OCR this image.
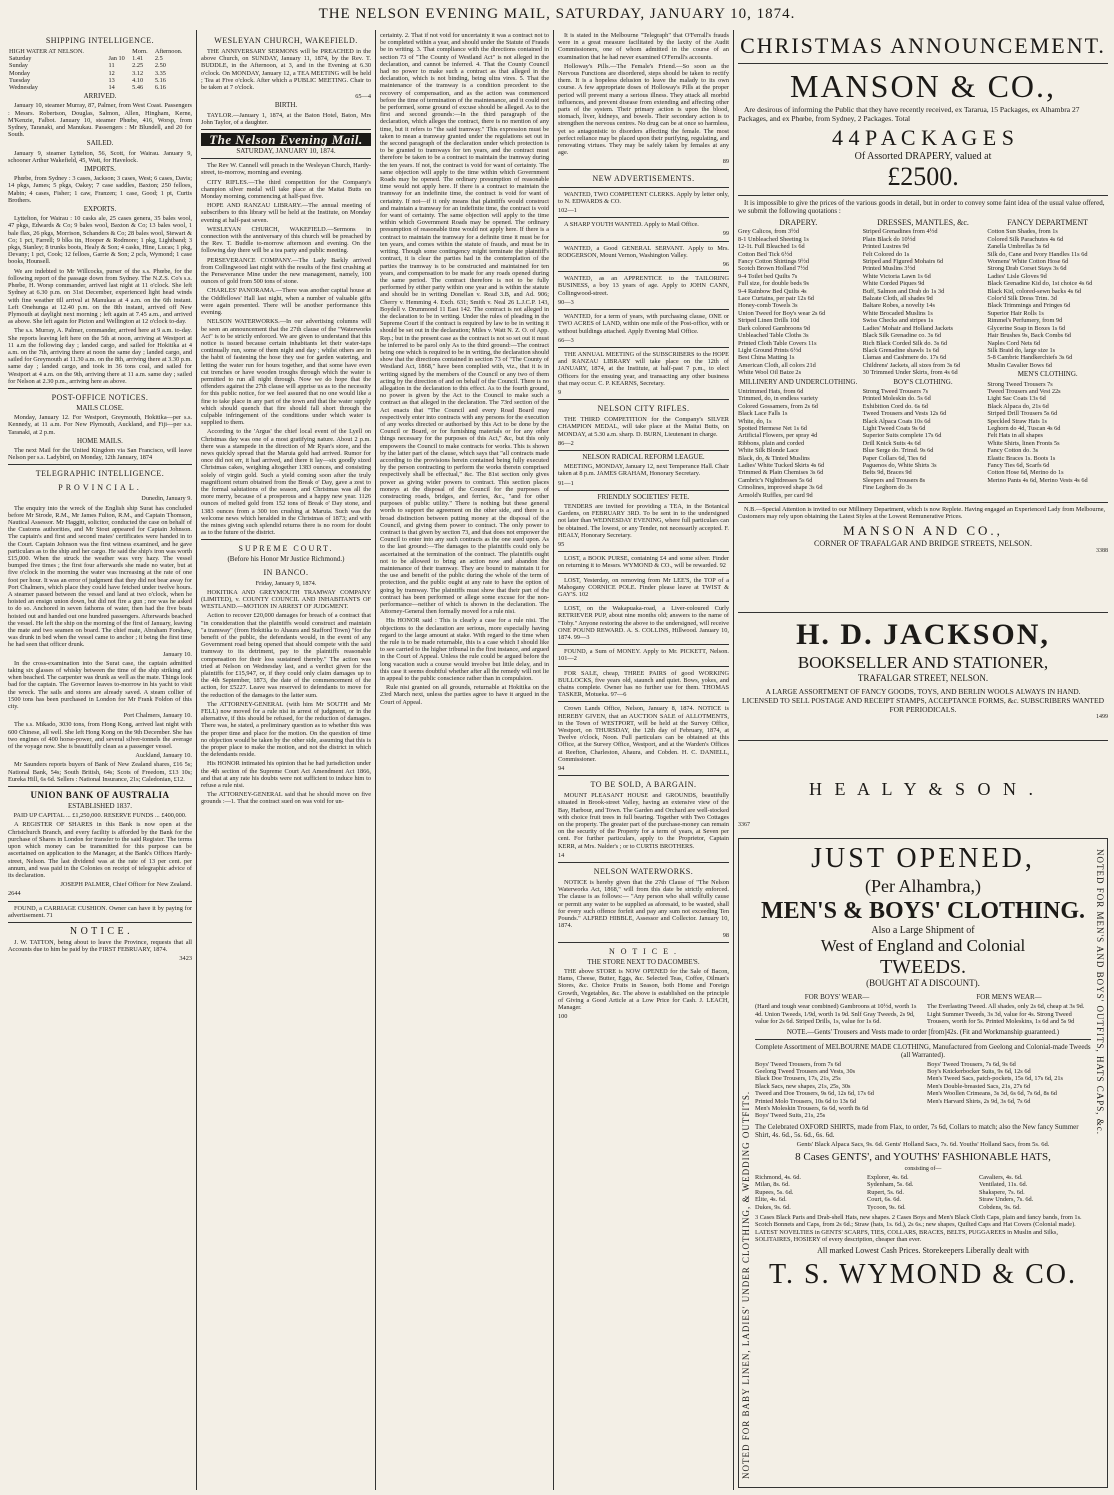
THE NELSON EVENING MAIL, SATURDAY, JANUARY 10, 1874.
SHIPPING INTELLIGENCE.
HIGH WATER AT NELSON.		Morn.	Afternoon.
Saturday	Jan 10	1.41	2.5
Sunday	11	2.25	2.50
Monday	12	3.12	3.35
Tuesday	13	4.10	5.16
Wednesday	14	5.46	6.16
ARRIVED.

January 10, steamer Murray, 87, Palmer, from West Coast. Passengers : Messrs. Robertson, Douglas, Salmon, Allen, Hingham, Kerne, M'Kenzie, Falbot. January 10, steamer Phœbe, 416, Worsp, from Sydney, Taranaki, and Manukau. Passengers : Mr Blundell, and 20 for South.

SAILED.

January 9, steamer Lyttelton, 56, Scott, for Wairau. January 9, schooner Arthur Wakefield, 45, Watt, for Havelock.

IMPORTS.

Phœbe, from Sydney : 3 cases, Jackson; 3 cases, West; 6 cases, Davis; 14 pkgs, James; 5 pkgs, Oakey; 7 case saddles, Baxton; 250 felloes, Mabin; 4 cases, Fisher; 1 caw, Franzen; 1 case, Good; 1 pt, Curtis Brothers.

EXPORTS.

Lyttelton, for Wairau : 10 casks ale, 25 cases genera, 35 bales wool, 47 pkgs, Edwards & Co; 9 bales wool, Baxton & Co; 13 bales wool, 1 bale flax, 26 pkgs, Morrison, Schanders & Co; 28 bales wool, Stewart & Co; 1 pct, Farrell; 9 blks tin, Hooper & Rodmore; 1 pkg, Lightband; 3 pkgs, Stanley; 8 trunks boots, Healy & Son; 4 casks, Hine, Lucas; 1 pkg, Devany; 1 pct, Cook; 12 felloes, Garrie & Son; 2 pcls, Wymond; 1 case books, Hounsell.

We are indebted to Mr Willcocks, purser of the s.s. Phœbe, for the following report of the passage down from Sydney. The N.Z.S. Co's s.s. Phœbe, H. Worsp commander, arrived last night at 11 o'clock. She left Sydney at 6.30 p.m. on 31st December, experienced light head winds with fine weather till arrival at Manukau at 4 a.m. on the 6th instant. Left Onehunga at 12.40 p.m. on the 8th instant, arrived off New Plymouth at daylight next morning ; left again at 7.45 a.m., and arrived as above. She left again for Picton and Wellington at 12 o'clock to-day.

The s.s. Murray, A. Palmer, commander, arrived here at 9 a.m. to-day. She reports leaving left here on the 5th at noon, arriving at Westport at 11 a.m the following day ; landed cargo, and sailed for Hokitika at 4 a.m. on the 7th, arriving there at noon the same day ; landed cargo, and sailed for Greymouth at 11.30 a.m. on the 8th, arriving there at 3.30 p.m. same day ; landed cargo, and took in 36 tons coal, and sailed for Westport at 4 a.m. on the 9th, arriving there at 11 a.m. same day ; sailed for Nelson at 2.30 p.m., arriving here as above.

POST-OFFICE NOTICES.
MAILS CLOSE.

Monday, January 12. For Westport, Greymouth, Hokitika—per s.s. Kennedy, at 11 a.m. For New Plymouth, Auckland, and Fiji—per s.s. Taranaki, at 2 p.m.

HOME MAILS.

The next Mail for the United Kingdom via San Francisco, will leave Nelson per s.s. Ladybird, on Monday, 12th January, 1874

TELEGRAPHIC INTELLIGENCE.
PROVINCIAL.

Dunedin, January 9.

The enquiry into the wreck of the English ship Surat has concluded before Mr Strode, R.M., Mr James Fulton, R.M., and Captain Thomson, Nautical Assessor. Mr Haggitt, solicitor, conducted the case on behalf of the Customs authorities, and Mr Stout appeared for Captain Johnson. The captain's and first and second mates' certificates were handed in to the Court. Captain Johnson was the first witness examined, and he gave particulars as to the ship and her cargo. He said the ship's iron was worth £15,000. When the struck the weather was very hazy. The vessel bumped five times ; the first four afterwards she made no water, but at five o'clock in the morning the water was increasing at the rate of one foot per hour. It was an error of judgment that they did not bear away for Port Chalmers, which place they could have fetched under twelve hours. A steamer passed between the vessel and land at two o'clock, when he hoisted an ensign union down, but did not fire a gun ; nor was he asked to do so. Anchored in seven fathoms of water, then had the five boats hoisted out and handed out one hundred passengers. Afterwards beached the vessel. He left the ship on the morning of the first of January, leaving the mate and two seamen on board. The chief mate, Abraham Forshaw, was drunk in bed when the vessel came to anchor ; it being the first time he had seen that officer drunk.

January 10.

In the cross-examination into the Surat case, the captain admitted taking six glasses of whisky between the time of the ship striking and when beached. The carpenter was drunk as well as the mate. Things look bad for the captain. The Governor leaves to-morrow in his yacht to visit the wreck. The sails and stores are already saved. A steam collier of 1500 tons has been purchased in London for Mr Frank Foldon of this city.

Port Chalmers, January 10.

The s.s. Mikado, 3030 tons, from Hong Kong, arrived last night with 600 Chinese, all well. She left Hong Kong on the 9th December. She has two engines of 400 horse-power, and several silver-tonnels the average of the voyage now. She is beautifully clean as a passenger vessel.

Auckland, January 10.

Mr Saunders reports buyers of Bank of New Zealand shares, £16 5s; National Bank, 54s; South British, 64s; Scots of Freedom, £13 10s; Eureka Hill, 6s 6d. Sellers : National Insurance, 21s; Caledonian, £12.

UNION BANK OF AUSTRALIA
ESTABLISHED 1837.

PAID UP CAPITAL ... £1,250,000. RESERVE FUNDS ... £400,000.

A REGISTER OF SHARES in this Bank is now open at the Christchurch Branch, and every facility is afforded by the Bank for the purchase of Shares in London for transfer to the said Register. The terms upon which money can be transmitted for this purpose can be ascertained on application to the Manager, at the Bank's Offices Hardy-street, Nelson. The last dividend was at the rate of 13 per cent. per annum, and was paid in the Colonies on receipt of telegraphic advice of its declaration.

JOSEPH PALMER, Chief Officer for New Zealand.

2644

FOUND, a CARRIAGE CUSHION. Owner can have it by paying for advertisement. 71

N O T I C E .

J. W. TATTON, being about to leave the Province, requests that all Accounts due to him be paid by the FIRST FEBRUARY, 1874.

3423

WESLEYAN CHURCH, WAKEFIELD.

THE ANNIVERSARY SERMONS will be PREACHED in the above Church, on SUNDAY, January 11, 1874, by the Rev. T. BUDDLE, in the Afternoon, at 3, and in the Evening at 6.30 o'clock. On MONDAY, January 12, a TEA MEETING will be held ; Tea at Five o'clock. After which a PUBLIC MEETING. Chair to be taken at 7 o'clock.

65—4

BIRTH.

TAYLOR.—January 1, 1874, at the Baton Hotel, Baton, Mrs John Taylor, of a daughter.

The Nelson Evening Mail.
SATURDAY, JANUARY 10, 1874.

The Rev W. Cannell will preach in the Wesleyan Church, Hardy-street, to-morrow, morning and evening.

CITY RIFLES.—The third competition for the Company's champion silver medal will take place at the Maitai Butts on Monday morning, commencing at half-past five.

HOPE AND RANZAU LIBRARY.—The annual meeting of subscribers to this library will be held at the Institute, on Monday evening at half-past seven.

WESLEYAN CHURCH, WAKEFIELD.—Sermons in connection with the anniversary of this church will be preached by the Rev. T. Buddle to-morrow afternoon and evening. On the following day there will be a tea party and public meeting.

PERSEVERANCE COMPANY.—The Lady Barkly arrived from Collingwood last night with the results of the first crushing at the Perseverance Mine under the new management, namely, 100 ounces of gold from 500 tons of stone.

CHARLES' PANORAMA.—There was another capital house at the Oddfellows' Hall last night, when a number of valuable gifts were again presented. There will be another performance this evening.

NELSON WATERWORKS.—In our advertising columns will be seen an announcement that the 27th clause of the "Waterworks Act" is to be strictly enforced. We are given to understand that this notice is issued because certain inhabitants let their water-taps continually run, some of them night and day ; whilst others are in the habit of fastening the hose they use for garden watering, and letting the water run for hours together, and that some have even cut trenches or have wooden troughs through which the water is permitted to run all night through. Now we do hope that the offenders against the 27th clause will apprise us as to the necessity for this public notice, for we feel assured that no one would like a fine to take place in any part of the town and that the water supply which should quench that fire should fall short through the culpable infringement of the conditions under which water is supplied to them.

According to the 'Argus' the chief local event of the Lyell on Christmas day was one of a most gratifying nature. About 2 p.m. there was a stampede in the direction of Mr Ryan's store, and the news quickly spread that the Maruia gold had arrived. Rumor for once did not err, it had arrived, and there it lay—six goodly sized Christmas cakes, weighing altogether 1383 ounces, and consisting solely of virgin gold. Such a yield coming soon after the truly magnificent return obtained from the Break o' Day, gave a zest to the formal salutations of the season, and Christmas was all the more merry, because of a prosperous and a happy new year. 1126 ounces of melted gold from 152 tons of Break o' Day stone, and 1383 ounces from a 300 ton crushing at Maruia. Such was the welcome news which heralded in the Christmas of 1873; and with the mines giving such splendid returns there is no room for doubt as to the future of the district.

SUPREME COURT.
(Before his Honor Mr Justice Richmond.)
IN BANCO.

Friday, January 9, 1874.

HOKITIKA AND GREYMOUTH TRAMWAY COMPANY (LIMITED), v. COUNTY COUNCIL AND INHABITANTS OF WESTLAND.—MOTION IN ARREST OF JUDGMENT.

Action to recover £20,000 damages for breach of a contract that "in consideration that the plaintiffs would construct and maintain "a tramway" (from Hokitika to Ahaura and Stafford Town) "for the benefit of the public, the defendants would, in the event of any Government road being opened that should compete with the said tramway to its detriment, pay to the plaintiffs reasonable compensation for their loss sustained thereby." The action was tried at Nelson on Wednesday last, and a verdict given for the plaintiffs for £15,947, or, if they could only claim damages up to the 4th September, 1873, the date of the commencement of the action, for £5227. Leave was reserved to defendants to move for the reduction of the damages to the latter sum.

The ATTORNEY-GENERAL (with him Mr SOUTH and Mr FELL) now moved for a rule nisi in arrest of judgment, or in the alternative, if this should be refused, for the reduction of damages. There was, he stated, a preliminary question as to whether this was the proper time and place for the motion. On the question of time no objection would be taken by the other side, assuming that this is the proper place to make the motion, and not the district in which the defendants reside.

His HONOR intimated his opinion that he had jurisdiction under the 4th section of the Supreme Court Act Amendment Act 1866, and that at any rate his doubts were not sufficient to induce him to refuse a rule nisi.

The ATTORNEY-GENERAL said that he should move on five grounds :—1. That the contract sued on was void for un-

certainty. 2. That if not void for uncertainty it was a contract not to be completed within a year, and should under the Statute of Frauds be in writing. 3. That compliance with the directions contained in section 73 of "The County of Westland Act" is not alleged in the declaration, and cannot be inferred. 4. That the County Council had no power to make such a contract as that alleged in the declaration, which is not binding, being ultra vires. 5. That the maintenance of the tramway is a condition precedent to the recovery of compensation, and as the action was commenced before the time of termination of the maintenance, and it could not be performed, some ground of excuse should be alleged. As to the first and second grounds:—In the third paragraph of the declaration, which alleges the contract, there is no mention of any time, but it refers to "the said tramway." This expression must be taken to mean a tramway granted under the regulations set out in the second paragraph of the declaration under which protection is to be granted to tramways for ten years, and the contract must therefore be taken to be a contract to maintain the tramway during the ten years. If not, the contract is void for want of certainty. The same objection will apply to the time within which Government Roads may be opened. The ordinary presumption of reasonable time would not apply here. If there is a contract to maintain the tramway for an indefinite time, the contract is void for want of certainty. If not—if it only means that plaintiffs would construct and maintain a tramway for an indefinite time, the contract is void for want of certainty. The same objection will apply to the time within which Government Roads may be opened. The ordinary presumption of reasonable time would not apply here. If there is a contract to maintain the tramway for a definite time it must be for ten years, and comes within the statute of frauds, and must be in writing. Though some contingency might terminate the plaintiff's contract, it is clear the parties had in the contemplation of the parties the tramway is to be constructed and maintained for ten years, and compensation to be made for any roads opened during the same period. The contract therefore is not to be fully performed by either party within one year and is within the statute and should be in writing Donellan v. Read 3.B, and Ad. 906; Cherry v. Hemming 4. Exch. 631; Smith v. Neal 26 L.J.C.P. 143, Boydell v. Drummond 11 East 142. The contract is not alleged in the declaration to be in writing. Under the rules of pleading in the Supreme Court if the contract is required by law to be in writing it should be set out in the declaration; Miles v. Watt N. Z. O. of App. Rep.; but in the present case as the contract is not so set out it must be inferred to be parol only As to the third ground:—The contract being one which is required to be in writing, the declaration should show that the directions contained in section 73 of "The County of Westland Act, 1868," have been complied with, viz., that it is in writing signed by the members of the Council or any two of them acting by the direction of and on behalf of the Council. There is no allegation in the declaration to this effect. As to the fourth ground, no power is given by the Act to the Council to make such a contract as that alleged in the declaration. The 73rd section of the Act enacts that "The Council and every Road Board may respectively enter into contracts with any persons for the execution of any works directed or authorised by this Act to be done by the Council or Board, or for furnishing materials or for any other things necessary for the purposes of this Act," &c, but this only empowers the Council to make contracts for works. This is shown by the latter part of the clause, which says that "all contracts made according to the provisions herein contained being fully executed by the person contracting to perform the works therein comprised respectively shall be effectual," &c. The 81st section only gives power as giving wider powers to contract. This section places moneys at the disposal of the Council for the purposes of constructing roads, bridges, and ferries, &c., "and for other purposes of public utility." There is nothing but these general words to support the agreement on the other side, and there is a broad distinction between putting money at the disposal of the Council, and giving them power to contract. The only power to contract is that given by section 73, and that does not empower the Council to enter into any such contracts as the one sued upon. As to the last ground:—The damages to the plaintiffs could only be ascertained at the termination of the contract. The plaintiffs ought not to be allowed to bring an action now and abandon the maintenance of their tramway. They are bound to maintain it for the use and benefit of the public during the whole of the term of protection, and the public ought at any rate to have the option of going by tramway. The plaintiffs must show that their part of the contract has been performed or allege some excuse for the non-performance—neither of which is shown in the declaration. The Attorney-General then formally moved for a rule nisi.

His HONOR said : This is clearly a case for a rule nisi. The objections to the declaration are serious, more especially having regard to the large amount at stake. With regard to the time when the rule is to be made returnable, this is a case which I should like to see carried to the higher tribunal in the first instance, and argued in the Court of Appeal. Unless the rule could be argued before the long vacation such a course would involve but little delay, and in this case it seems doubtful whether after all the remedy will not lie in appeal to the public conscience rather than in compulsion.

Rule nisi granted on all grounds, returnable at Hokitika on the 23rd March next, unless the parties agree to have it argued in the Court of Appeal.

It is stated in the Melbourne "Telegraph" that O'Ferrall's frauds were in a great measure facilitated by the laxity of the Audit Commissioners, one of whom admitted in the course of an examination that he had never examined O'Ferrall's accounts.

Holloway's Pills.—The Female's Friend.—So soon as the Nervous Functions are disordered, steps should be taken to rectify them. It is a hopeless delusion to leave the malady to its own course. A few appropriate doses of Holloway's Pills at the proper period will prevent many a serious illness. They attack all morbid influences, and prevent disease from extending and affecting other parts of the system. Their primary action is upon the blood, stomach, liver, kidneys, and bowels. Their secondary action is to strengthen the nervous centres. No drug can be at once so harmless, yet so antagonistic to disorders affecting the female. The most perfect reliance may be placed upon their purifying, regulating, and renovating virtues. They may be safely taken by females at any age.

89

NEW ADVERTISEMENTS.

WANTED, TWO COMPETENT CLERKS. Apply by letter only, to N. EDWARDS & CO.

102—1

A SHARP YOUTH WANTED. Apply to Mail Office.

99

WANTED, a Good GENERAL SERVANT. Apply to Mrs. RODGERSON, Mount Vernon, Washington Valley.

96

WANTED, as an APPRENTICE to the TAILORING BUSINESS, a boy 13 years of age. Apply to JOHN CANN, Collingwood-street.

90—3

WANTED, for a term of years, with purchasing clause, ONE or TWO ACRES of LAND, within one mile of the Post-office, with or without buildings attached. Apply Evening Mail Office.

66—3

THE ANNUAL MEETING of the SUBSCRIBERS to the HOPE and RANZAU LIBRARY will take place on the 12th of JANUARY, 1874, at the Institute, at half-past 7 p.m., to elect Officers for the ensuing year, and transacting any other business that may occur. C. P. KEARNS, Secretary.

9

NELSON CITY RIFLES.

THE THIRD COMPETITION for the Company's SILVER CHAMPION MEDAL, will take place at the Maitai Butts, on MONDAY, at 5.30 a.m. sharp. D. BURN, Lieutenant in charge.

86—2

NELSON RADICAL REFORM LEAGUE.

MEETING, MONDAY, January 12, next Temperance Hall. Chair taken at 8 p.m. JAMES GRAHAM, Honorary Secretary.

91—1

FRIENDLY SOCIETIES' FETE.

TENDERS are invited for providing a TEA, in the Botanical Gardens, on FEBRUARY 3RD. To be sent in to the undersigned not later than WEDNESDAY EVENING, where full particulars can be obtained. The lowest, or any Tender, not necessarily accepted. F. HEALY, Honorary Secretary.

95

LOST, a BOOK PURSE, containing £4 and some silver. Finder on returning it to Messrs. WYMOND & CO., will be rewarded. 92

LOST, Yesterday, on removing from Mr LEE'S, the TOP of a Mahogany CORNICE POLE. Finder please leave at TWIST & GAY'S. 102

LOST, on the Wakapuaka-road, a Liver-coloured Curly RETRIEVER PUP, about nine months old; answers to the name of "Toby." Anyone restoring the above to the undersigned, will receive ONE POUND REWARD. A. S. COLLINS, Hillwood. January 10, 1874. 99—3

FOUND, a Sum of MONEY. Apply to Mr. PICKETT, Nelson. 101—2

FOR SALE, cheap, THREE PAIRS of good WORKING BULLOCKS, five years old, staunch and quiet. Bows, yokes, and chains complete. Owner has no further use for them. THOMAS TASKER, Motueka. 97—6

Crown Lands Office, Nelson, January 8, 1874. NOTICE is HEREBY GIVEN, that an AUCTION SALE of ALLOTMENTS, in the Town of WESTPORT, will be held at the Survey Office, Westport, on THURSDAY, the 12th day of February, 1874, at Twelve o'clock, Noon. Full particulars can be obtained at this Office, at the Survey Office, Westport, and at the Warden's Offices at Reefton, Charleston, Ahaura, and Cobden. H. C. DANIELL, Commissioner.

94

TO BE SOLD, A BARGAIN.

MOUNT PLEASANT HOUSE and GROUNDS, beautifully situated in Brook-street Valley, having an extensive view of the Bay, Harbour, and Town. The Garden and Orchard are well-stocked with choice fruit trees in full bearing. Together with Two Cottages on the property. The greater part of the purchase-money can remain on the security of the Property for a term of years, at Seven per cent. For further particulars, apply to the Proprietor, Captain KERR, at Mrs. Nalder's ; or to CURTIS BROTHERS.

14

NELSON WATERWORKS.

NOTICE is hereby given that the 27th Clause of "The Nelson Waterworks Act, 1868," will from this date be strictly enforced. The clause is as follows:— "Any person who shall wilfully cause or permit any water to be supplied as aforesaid, to be wasted, shall for every such offence forfeit and pay any sum not exceeding Ten Pounds." ALFRED HIBBLE, Assessor and Collector. January 10, 1874.

98

N O T I C E .
THE STORE NEXT TO DACOMBE'S.

THE above STORE is NOW OPENED for the Sale of Bacon, Hams, Cheese, Butter, Eggs, &c. Selected Teas, Coffee, Oilman's Stores, &c. Choice Fruits in Season, both Home and Foreign Growth, Vegetables, &c. The above is established on the principle of Giving a Good Article at a Low Price for Cash. J. LEACH, Manager.

100

CHRISTMAS ANNOUNCEMENT.
MANSON & CO.,

Are desirous of informing the Public that they have recently received, ex Tararua, 15 Packages, ex Alhambra 27 Packages, and ex Phœbe, from Sydney, 2 Packages. Total

4 4 P A C K A G E S
Of Assorted DRAPERY, valued at
£2500.

It is impossible to give the prices of the various goods in detail, but in order to convey some faint idea of the usual value offered, we submit the following quotations :

DRAPERY.
Grey Calicos, from 3½d
8-1 Unbleached Sheeting 1s
12-1t. Full Bleached 1s 6d
Cotton Bed Tick 6½d
Fancy Cotton Shirtings 9½d
Scotch Brown Holland 7½d
9-4 Toilet bed Quilts 7s
Full size, for double beds 9s
9-4 Rainbow Bed Quilts 4s
Lace Curtains, per pair 12s 6d
Honey-comb Towels 3s
Union Tweed for Boy's wear 2s 6d
Striped Linen Drills 10d
Dark colored Gambroons 9d
Unbleached Table Cloths 3s
Printed Cloth Table Covers 11s
Light Ground Prints 6½d
Best China Matting 1s
American Cloth, all colors 21d
White Wool Oil Baize 2s
MILLINERY AND UNDERCLOTHING.
Untrimmed Hats, from 6d
Trimmed, do, in endless variety
Colored Gossamers, from 2s 6d
Black Lace Falls 1s
White, do, 1s
Spotted Hermese Net 1s 6d
Artificial Flowers, per spray 4d
Ribbons, plain and corded
White Silk Blonde Lace
Black, do, & Tinted Muslins
Ladies' White Tucked Skirts 4s 6d
Trimmed & Plain Chemises 3s 6d
Cambric's Nightdresses 5s 6d
Crinolines, improved shape 3s 6d
Armold's Ruffles, per card 9d
DRESSES, MANTLES, &c.
Striped Grenadines from 4½d
Plain Black do 10½d
Printed Lustres 9d
Felt Colored do 1s
Striped and Figured Mohairs 6d
Printed Muslins 3½d
White Victoria Lawn 1s 6d
White Corded Piques 9d
Buff, Salmon and Drab do 1s 3d
Balzate Cloth, all shades 9d
Baltare Robes, a novelty 14s
White Brocaded Muslins 1s
Swiss Checks and stripes 1s
Ladies' Mohair and Holland Jackets
Black Silk Grenadine co. 3s 6d
Rich Black Corded Silk do. 3s 6d
Black Grenadine shawls 1s 6d
Llamas and Cashmere do. 17s 6d
Childrens' Jackets, all sizes from 3s 6d
30 Trimmed Under Skirts, from 4s 6d
BOY'S CLOTHING.
Strong Tweed Trousers 7s
Printed Moleskin do. 5s 6d
Exhibition Cord do. 6s 6d
Tweed Trousers and Vests 12s 6d
Black Alpaca Coats 10s 6d
Light Tweed Coats 9s 6d
Superior Suits complete 17s 6d
Drill Knick Suits 4s 6d
Blue Serge do. Trimd. 9s 6d
Paper Collars 6d, Ties 6d
Paguenos do, White Shirts 3s
Belts 9d, Braces 9d
Sleepers and Trousers 8s
Fine Leghorn do 3s
FANCY DEPARTMENT
Cotton Sun Shades, from 1s
Colored Silk Parachutes 4s 6d
Zanella Umbrellas 3s 6d
Silk do, Cane and Ivory Handles 11s 6d
Womens' White Cotton Hose 6d
Strong Drab Corset Stays 3s 6d
Ladies' Lisle Gloves 9d
Black Grenadine Kid do, 1st choice 4s 6d
Black Kid, colored-sewn backs 4s 6d
Color'd Silk Dress Trim. 3d
Black Trimmings and Fringes 6d
Superior Hair Rolls 1s
Rimmel's Perfumery, from 9d
Glycerine Soap in Boxes 1s 6d
Hair Brushes 9s, Back Combs 6d
Naples Cord Nets 6d
Silk Braid do, large size 1s
5-8 Cambric Handkerchiefs 3s 6d
Muslin Cavalier Bows 6d
MEN'S CLOTHING.
Strong Tweed Trousers 7s
Tweed Trousers and Vest 22s
Light Sac Coats 13s 6d
Black Alpaca do, 21s 6d
Striped Drill Trousers 5s 6d
Speckled Straw Hats 1s
Leghorn do 4d, Tuscan 4s 6d
Felt Hats in all shapes
White Shirts, linen Fronts 5s
Fancy Cotton do. 3s
Elastic Braces 1s. Boots 1s
Fancy Ties 6d, Scarfs 6d
Cotton Hose 6d, Merino do 1s
Merino Pants 4s 6d, Merino Vests 4s 6d

N.B.—Special Attention is invited to our Millinery Department, which is now Replete. Having engaged an Experienced Lady from Melbourne, Customers may rely upon obtaining the Latest Styles at the Lowest Remunerative Prices.

MANSON AND CO.,
CORNER OF TRAFALGAR AND BRIDGE STREETS, NELSON.
3388
H. D. JACKSON,
BOOKSELLER AND STATIONER,
TRAFALGAR STREET, NELSON.
A LARGE ASSORTMENT OF FANCY GOODS, TOYS, AND BERLIN WOOLS ALWAYS IN HAND.
LICENSED TO SELL POSTAGE AND RECEIPT STAMPS, ACCEPTANCE FORMS, &c. SUBSCRIBERS WANTED FOR PERIODICALS.
1499
H E A L Y & S O N .
3367
NOTED FOR BABY LINEN, LADIES' UNDER CLOTHING, & WEDDING OUTFITS.
NOTED FOR MEN'S AND BOYS' OUTFITS, HATS CAPS, &c.
JUST OPENED,
(Per Alhambra,)
MEN'S & BOYS' CLOTHING.
Also a Large Shipment of
West of England and Colonial
TWEEDS.
(BOUGHT AT A DISCOUNT).
FOR BOYS' WEAR—

(Hard and tough wear combined) Gambroons at 10½d, worth 1s 4d. Union Tweeds, 1/9d, worth 1s 9d. Snlf Gray Tweeds, 2s 9d, value for 2s 6d. Striped Drills, 1s, value for 1s 6d.

FOR MEN'S WEAR—

The Everlasting Tweed. All shades, only 2s 6d, cheap at 3s 9d. Light Summer Tweeds, 3s 3d, value for 4s. Strong Tweed Trousers, worth for 5s. Printed Moleskins, 1s 6d and 5s 9d

NOTE.—Gents' Trousers and Vests made to order [from]42s. (Fit and Workmanship guaranteed.)

Complete Assortment of MELBOURNE MADE CLOTHING, Manufactured from Geelong and Colonial-made Tweeds (all Warranted).

Boys' Tweed Trousers, from 7s 6d
Geelong Tweed Trousers and Vests, 30s
Black Doe Trousers, 17s, 21s, 25s
Black Sacs, new shapes, 21s, 25s, 30s
Tweed and Doe Trousers, 9s 6d, 12s 6d, 17s 6d
Printed Molo Trousers, 10s 6d to 13s 6d
Men's Moleskin Trousers, 6s 6d, worth 8s 6d
Boys' Tweed Suits, 21s, 25s
Boys' Tweed Trousers, 7s 6d, 9s 6d
Boy's Knickerbocker Suits, 9s 6d, 12s 6d
Men's Tweed Sacs, patch-pockets, 15s 6d, 17s 6d, 21s
Men's Double-breasted Sacs, 21s, 27s 6d
Men's Woollen Crimeans, 3s 3d, 6s 6d, 7s 6d, 8s 6d
Men's Harvard Shirts, 2s 9d, 3s 6d, 7s 6d

The Celebrated OXFORD SHIRTS, made from Flax, to order, 7s 6d, Collars to match; also the New fancy Summer Shirt, 4s. 6d., 5s. 6d., 6s. 6d.

Gents' Black Alpaca Sacs, 9s. 6d. Gents' Holland Sacs, 7s. 6d. Youths' Holland Sacs, from 5s. 6d.

8 Cases GENTS', and YOUTHS' FASHIONABLE HATS,
consisting of—
Richmond, 4s. 6d.	Explorer, 4s. 6d.	Cavaliers, 4s. 6d.
Milan, 8s. 6d.	Sydenham, 5s. 6d.	Ventilated, 11s. 6d.
Rupees, 5s. 6d.	Rupert, 5s. 6d.	Shakspere, 7s. 6d.
Elite, 4s. 6d.	Court, 6s. 6d.	Straw Unders, 7s. 6d.
Dukes, 9s. 6d.	Tycoon, 9s. 6d.	Cobdens, 9s. 6d.

3 Cases Black Paris and Drab-shell Hats, new shapes. 2 Cases Boys and Men's Black Cloth Caps, plain and fancy bands, from 1s. Scotch Bonnets and Caps, from 2s 6d.; Straw (hats, 1s. 6d.), 2s 6s.; new shapes, Quilted Caps and Hat Covers (Colonial made). LATEST NOVELTIES in GENTS' SCARFS, TIES, COLLARS, BRACES, BELTS, PUGGAREES in Muslin and Silks, SOLITAIRES, HOSIERY of every description, cheaper than ever.

All marked Lowest Cash Prices. Storekeepers Liberally dealt with

T. S. WYMOND & CO.
